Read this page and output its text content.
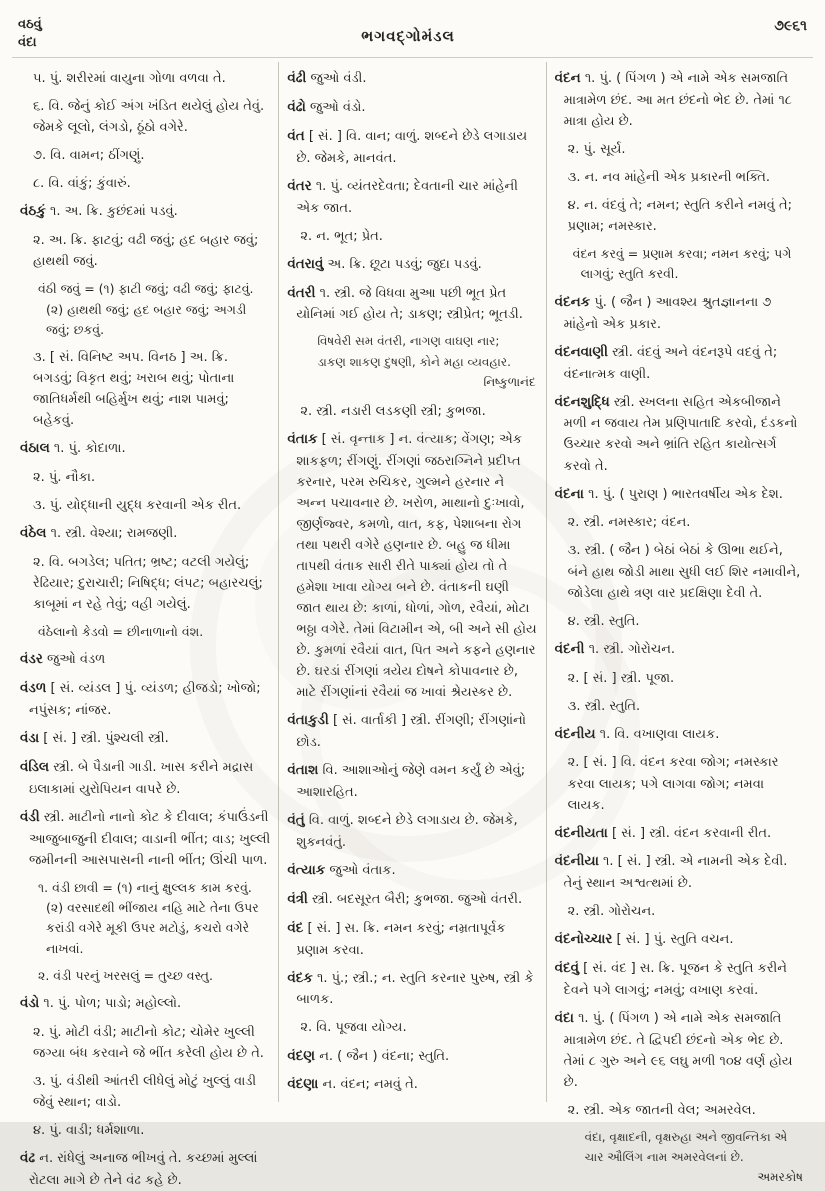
વઠવું
વંદા	ભગવદ્ગોમંડલ
૭૯૬૧

૫. પું. શરીરમાં વાયુના ગોળા વળવા તે.

૬. વિ. જેનું કોઈ અંગ ખંડિત થયેલું હોય તેવું. જેમકે લૂલો, લંગડો, ઠૂંઠો વગેરે.

૭. વિ. વામન; ઠીંગણું.

૮. વિ. વાંકું; કુંવારું.

વંઠકું ૧. અ. ક્રિ. કુછંદમાં પડવું.

૨. અ. ક્રિ. ફાટવું; વઢી જવું; હદ બહાર જવું; હાથથી જવું.

વંઠી જવું = (૧) ફાટી જવું; વઢી જવું; ફાટવું. (૨) હાથથી જવું; હદ બહાર જવું; અગડી જવું; છકવું.

૩. [ સં. વિનિષ્ટ અપ. વિનઠ ] અ. ક્રિ. બગડવું; વિકૃત થવું; ખરાબ થવું; પોતાના જાતિધર્મથી બહિર્મુખ થવું; નાશ પામવું; બહેકવું.

વંઠાલ ૧. પું. કોદાળા.

૨. પું. નૌકા.

૩. પું. યોદ્ધાની યુદ્ધ કરવાની એક રીત.

વંઠેલ ૧. સ્ત્રી. વેશ્યા; રામજણી.

૨. વિ. બગડેલ; પતિત; ભ્રષ્ટ; વટલી ગયેલું; રેઢિયાર; દુરાચારી; નિષિદ્ધ; લંપટ; બહારચલું; કાબૂમાં ન રહે તેવું; વહી ગયેલું.

વંઠેલાનો કેડવો = છીનાળાનો વંશ.

વંડર જુઓ વંડળ

વંડળ [ સં. વ્યંડલ ] પું. વ્યંડળ; હીજડો; ખોજો; નપુંસક; નાંજર.

વંડા [ સં. ] સ્ત્રી. પુંશ્ચલી સ્ત્રી.

વંડિલ સ્ત્રી. બે પૈડાની ગાડી. ખાસ કરીને મદ્રાસ ઇલાકામાં યુરોપિયન વાપરે છે.

વંડી સ્ત્રી. માટીનો નાનો કોટ કે દીવાલ; કંપાઉંડની આજુબાજુની દીવાલ; વાડાની ભીંત; વાડ; ખુલ્લી જમીનની આસપાસની નાની ભીંત; ઊંચી પાળ.

૧. વંડી છાવી = (૧) નાનું ક્ષુલ્લક કામ કરવું. (૨) વરસાદથી ભીંજાય નહિ માટે તેના ઉપર કરાંડી વગેરે મૂકી ઉપર મટોડું, કચરો વગેરે નાખવાં.

૨. વંડી પરનું ખરસલું = તુચ્છ વસ્તુ.

વંડો ૧. પું. પોળ; પાડો; મહોલ્લો.

૨. પું. મોટી વંડી; માટીનો કોટ; ચોમેર ખુલ્લી જગ્યા બંધ કરવાને જે ભીંત કરેલી હોય છે તે.

૩. પું. વંડીથી આંતરી લીધેલું મોટું ખુલ્લું વાડી જેવું સ્થાન; વાડો.

૪. પું. વાડી; ધર્મશાળા.

વંઢ ન. રાંધેલું અનાજ ભીખવું તે. કચ્છમાં મુલ્લાં રોટલા માગે છે તેને વંઢ કહે છે.

વંઢી જુઓ વંડી.

વંઢો જુઓ વંડો.

વંત [ સં. ] વિ. વાન; વાળું. શબ્દને છેડે લગાડાય છે. જેમકે, માનવંત.

વંતર ૧. પું. વ્યંતરદેવતા; દેવતાની ચાર માંહેની એક જાત.

૨. ન. ભૂત; પ્રેત.

વંતરાવું અ. ક્રિ. છૂટા પડવું; જુદા પડવું.

વંતરી ૧. સ્ત્રી. જે વિધવા મુઆ પછી ભૂત પ્રેત યોનિમાં ગઈ હોય તે; ડાકણ; સ્ત્રીપ્રેત; ભૂતડી.

વિષવેરી સમ વંતરી, નાગણ વાઘણ નાર;

ડાકણ શાકણ દુષણી, કોને મહા વ્યવહાર.

નિષ્કુળાનંદ

૨. સ્ત્રી. નડારી લડકણી સ્ત્રી; કુભજા.

વંતાક [ સં. વૃન્તાક ] ન. વંત્યાક; વેંગણ; એક શાકફળ; રીંગણું. રીંગણાં જઠરાગ્નિને પ્રદીપ્ત કરનાર, પરમ રુચિકર, ગુલ્મને હરનાર ને અન્ન પચાવનાર છે. ખરોળ, માથાનો દુઃખાવો, જીર્ણજ્વર, કમળો, વાત, કફ, પેશાબના રોગ તથા પથરી વગેરે હણનાર છે. બહુ જ ધીમા તાપથી વંતાક સારી રીતે પાક્યાં હોય તો તે હમેશા ખાવા યોગ્ય બને છે. વંતાકની ઘણી જાત થાય છે: કાળાં, ધોળાં, ગોળ, રવૈયાં, મોટા ભઠ્ઠા વગેરે. તેમાં વિટામીન એ, બી અને સી હોય છે. કુમળાં રવૈયાં વાત, પિત અને કફને હણનાર છે. ઘરડાં રીંગણાં ત્રયેય દોષને કોપાવનાર છે, માટે રીંગણાંનાં રવૈયાં જ ખાવાં શ્રેયસ્કર છે.

વંતાકુડી [ સં. વાર્તાકી ] સ્ત્રી. રીંગણી; રીંગણાંનો છોડ.

વંતાશ વિ. આશાઓનું જેણે વમન કર્યું છે એવું; આશારહિત.

વંતું વિ. વાળું. શબ્દને છેડે લગાડાય છે. જેમકે, શુકનવંતું.

વંત્યાક જુઓ વંતાક.

વંત્રી સ્ત્રી. બદસૂરત બૈરી; કુભજા. જુઓ વંતરી.

વંદ [ સં. ] સ. ક્રિ. નમન કરવું; નમ્રતાપૂર્વક પ્રણામ કરવા.

વંદક ૧. પું.; સ્ત્રી.; ન. સ્તુતિ કરનાર પુરુષ, સ્ત્રી કે બાળક.

૨. વિ. પૂજવા યોગ્ય.

વંદણ ન. ( જૈન ) વંદના; સ્તુતિ.

વંદણા ન. વંદન; નમવું તે.

વંદન ૧. પું. ( પિંગળ ) એ નામે એક સમજાતિ માત્રામેળ છંદ. આ મત છંદનો ભેદ છે. તેમાં ૧૮ માત્રા હોય છે.

૨. પું. સૂર્ય.

૩. ન. નવ માંહેની એક પ્રકારની ભક્તિ.

૪. ન. વંદવું તે; નમન; સ્તુતિ કરીને નમવું તે; પ્રણામ; નમસ્કાર.

વંદન કરવું = પ્રણામ કરવા; નમન કરવું; પગે લાગવું; સ્તુતિ કરવી.

વંદનક પું. ( જૈન ) આવશ્ય શ્રુતજ્ઞાનના ૭ માંહેનો એક પ્રકાર.

વંદનવાણી સ્ત્રી. વંદવું અને વંદનરૂપે વદવું તે; વંદનાત્મક વાણી.

વંદનશુદ્ધિ સ્ત્રી. સ્ખલના સહિત એકબીજાને મળી ન જવાય તેમ પ્રણિપાતાદિ કરવો, દંડકનો ઉચ્ચાર કરવો અને ભ્રાંતિ રહિત કાયોત્સર્ગ કરવો તે.

વંદના ૧. પું. ( પુરાણ ) ભારતવર્ષીય એક દેશ.

૨. સ્ત્રી. નમસ્કાર; વંદન.

૩. સ્ત્રી. ( જૈન ) બેઠાં બેઠાં કે ઊભા થઈને, બંને હાથ જોડી માથા સુધી લઈ શિર નમાવીને, જોડેલા હાથે ત્રણ વાર પ્રદક્ષિણા દેવી તે.

૪. સ્ત્રી. સ્તુતિ.

વંદની ૧. સ્ત્રી. ગોરોચન.

૨. [ સં. ] સ્ત્રી. પૂજા.

૩. સ્ત્રી. સ્તુતિ.

વંદનીય ૧. વિ. વખાણવા લાયક.

૨. [ સં. ] વિ. વંદન કરવા જોગ; નમસ્કાર કરવા લાયક; પગે લાગવા જોગ; નમવા લાયક.

વંદનીયતા [ સં. ] સ્ત્રી. વંદન કરવાની રીત.

વંદનીયા ૧. [ સં. ] સ્ત્રી. એ નામની એક દેવી. તેનું સ્થાન અશ્વત્થમાં છે.

૨. સ્ત્રી. ગોરોચન.

વંદનોચ્ચાર [ સં. ] પું. સ્તુતિ વચન.

વંદવું [ સં. વંદ ] સ. ક્રિ. પૂજન કે સ્તુતિ કરીને દેવને પગે લાગવું; નમવું; વખાણ કરવાં.

વંદા ૧. પું. ( પિંગળ ) એ નામે એક સમજાતિ માત્રામેળ છંદ. તે દ્વિપદી છંદનો એક ભેદ છે. તેમાં ૮ ગુરુ અને ૯૬ લઘુ મળી ૧૦૪ વર્ણ હોય છે.

૨. સ્ત્રી. એક જાતની વેલ; અમરવેલ.

વંદા, વૃક્ષાદની, વૃક્ષરુહા અને જીવન્તિકા એ ચાર ઔલિંગ નામ અમરવેલનાં છે.

અમરકોષ
